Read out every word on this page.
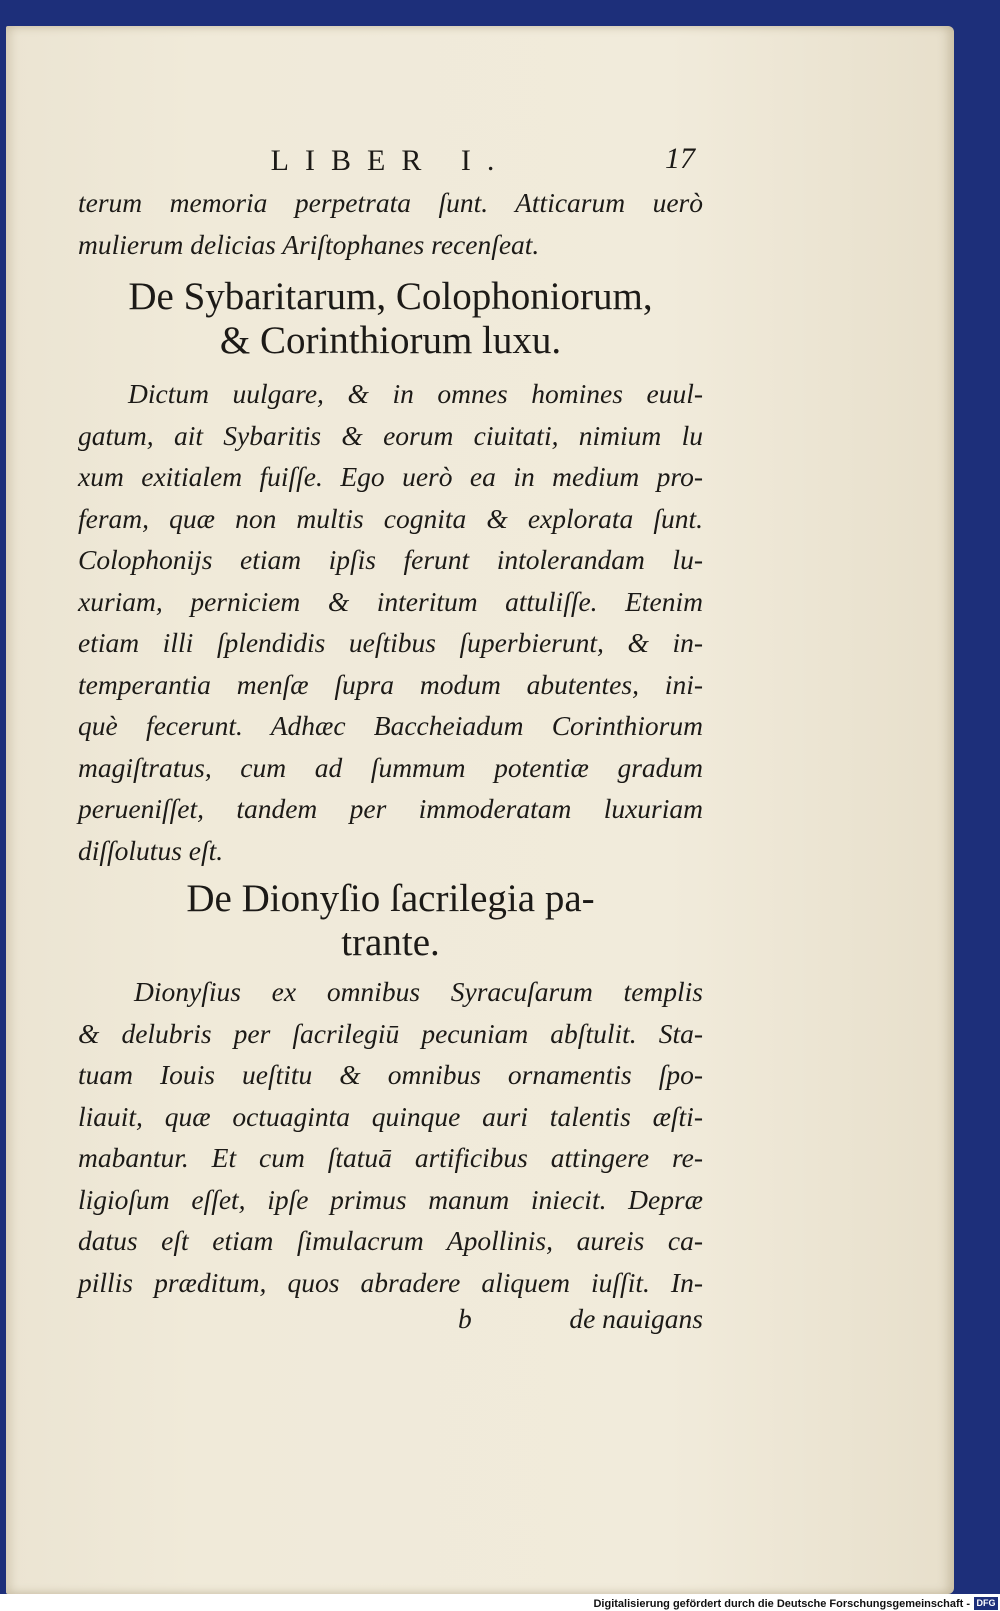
LIBER I.	17
terum memoria perpetrata ſunt. Atticarum uerò
mulierum delicias Ariſtophanes recenſeat.
De Sybaritarum, Colophoniorum,
& Corinthiorum luxu.
Dictum uulgare, & in omnes homines euul-
gatum, ait Sybaritis & eorum ciuitati, nimium lu
xum exitialem fuiſſe. Ego uerò ea in medium pro-
feram, quæ non multis cognita & explorata ſunt.
Colophonijs etiam ipſis ferunt intolerandam lu-
xuriam, perniciem & interitum attuliſſe. Etenim
etiam illi ſplendidis ueſtibus ſuperbierunt, & in-
temperantia menſæ ſupra modum abutentes, ini-
què fecerunt. Adhæc Baccheiadum Corinthiorum
magiſtratus, cum ad ſummum potentiæ gradum
perueniſſet, tandem per immoderatam luxuriam
diſſolutus eſt.
De Dionyſio ſacrilegia pa-
trante.
Dionyſius ex omnibus Syracuſarum templis
& delubris per ſacrilegiū pecuniam abſtulit. Sta-
tuam Iouis ueſtitu & omnibus ornamentis ſpo-
liauit, quæ octuaginta quinque auri talentis æſti-
mabantur. Et cum ſtatuā artificibus attingere re-
ligioſum eſſet, ipſe primus manum iniecit. Depræ
datus eſt etiam ſimulacrum Apollinis, aureis ca-
pillis præditum, quos abradere aliquem iuſſit. In-
b	de nauigans
Digitalisierung gefördert durch die Deutsche Forschungsgemeinschaft - DFG
